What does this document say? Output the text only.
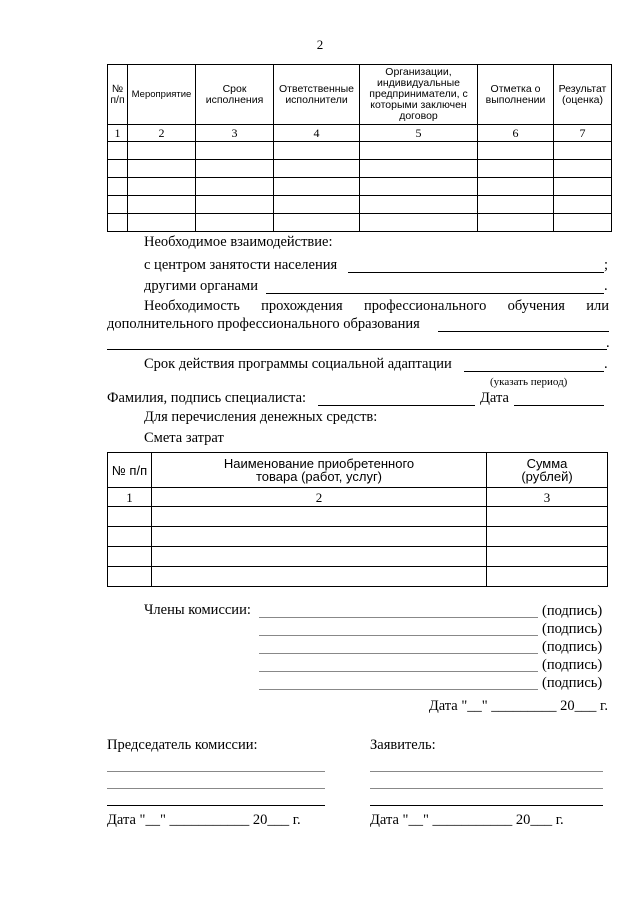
2
№ п/п	Мероприятие	Срок исполнения	Ответственные исполнители	Организации, индивидуальные предприниматели, с которыми заключен договор	Отметка о выполнении	Результат (оценка)
1	2	3	4	5	6	7

Необходимое взаимодействие:
с центром занятости населения	;
другими органами	.
Необходимость прохождения профессионального обучения или
дополнительного профессионального образования
.
Срок действия программы социальной адаптации	.
(указать период)
Фамилия, подпись специалиста:	Дата
Для перечисления денежных средств:
Смета затрат
№ п/п	Наименование приобретенного товара (работ, услуг)	Сумма (рублей)
1	2	3

Члены комиссии:	(подпись)
(подпись)
(подпись)
(подпись)
(подпись)
Дата "__" _________ 20___ г.
Председатель комиссии:	Заявитель:
Дата "__" ___________ 20___ г.	Дата "__" ___________ 20___ г.
